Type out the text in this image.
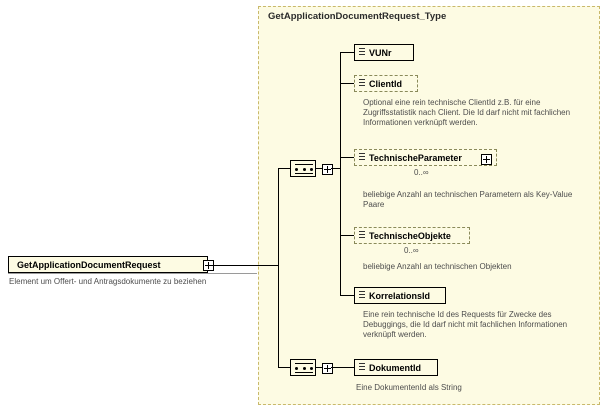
GetApplicationDocumentRequest_Type
GetApplicationDocumentRequest
Element um Offert- und Antragsdokumente zu beziehen
VUNr
ClientId
Optional eine rein technische ClientId z.B. für eine Zugriffsstatistik nach Client. Die Id darf nicht mit fachlichen Informationen verknüpft werden.
TechnischeParameter
0..∞
beliebige Anzahl an technischen Parametern als Key-Value Paare
TechnischeObjekte
0..∞
beliebige Anzahl an technischen Objekten
KorrelationsId
Eine rein technische Id des Requests für Zwecke des Debuggings, die Id darf nicht mit fachlichen Informationen verknüpft werden.
DokumentId
Eine DokumentenId als String
